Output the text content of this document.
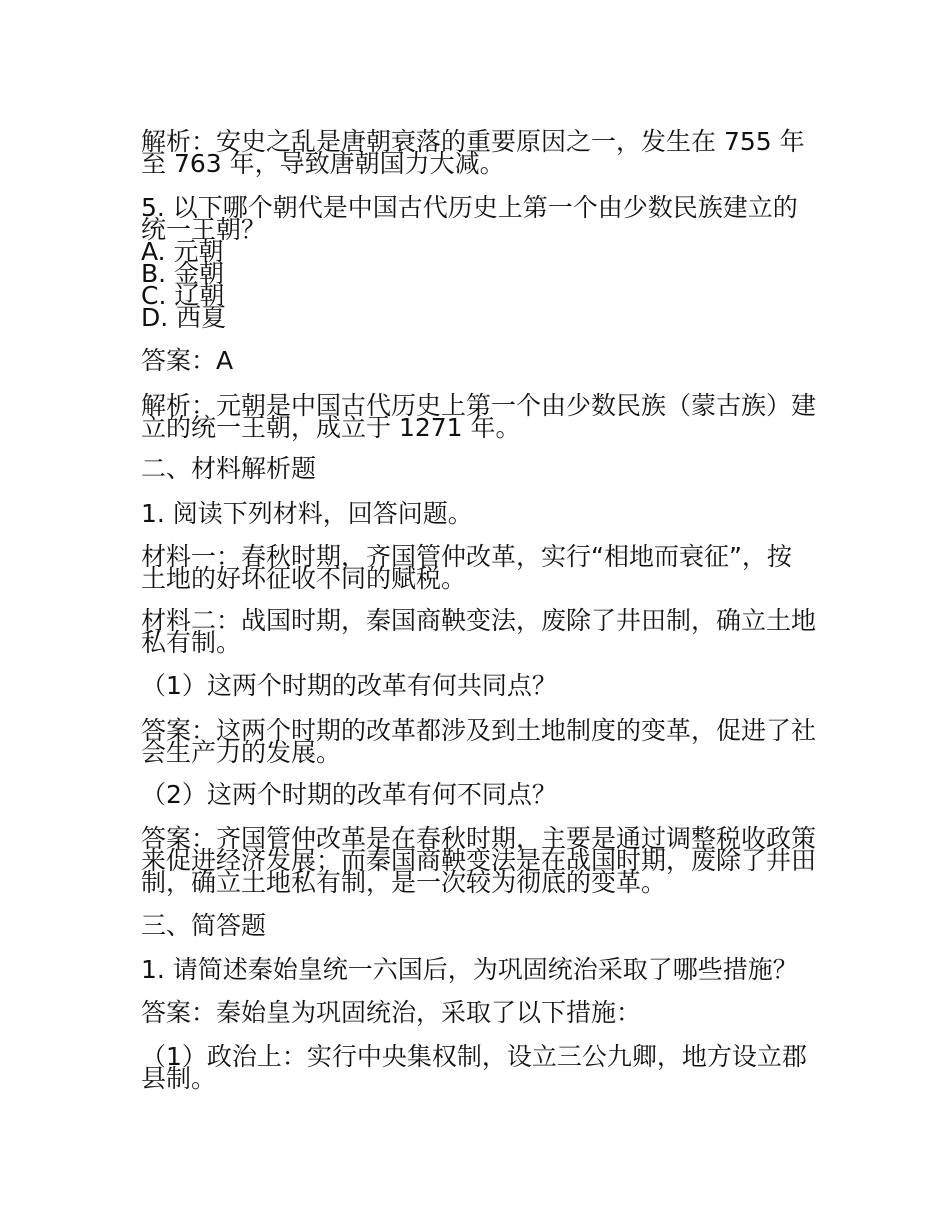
解析：安史之乱是唐朝衰落的重要原因之一，发生在 755 年
至 763 年，导致唐朝国力大减。
5. 以下哪个朝代是中国古代历史上第一个由少数民族建立的
统一王朝？
A. 元朝
B. 金朝
C. 辽朝
D. 西夏
答案：A
解析：元朝是中国古代历史上第一个由少数民族（蒙古族）建
立的统一王朝，成立于 1271 年。
二、材料解析题
1. 阅读下列材料，回答问题。
材料一：春秋时期，齐国管仲改革，实行“相地而衰征”，按
土地的好坏征收不同的赋税。
材料二：战国时期，秦国商鞅变法，废除了井田制，确立土地
私有制。
（1）这两个时期的改革有何共同点？
答案：这两个时期的改革都涉及到土地制度的变革，促进了社
会生产力的发展。
（2）这两个时期的改革有何不同点？
答案：齐国管仲改革是在春秋时期，主要是通过调整税收政策
来促进经济发展；而秦国商鞅变法是在战国时期，废除了井田
制，确立土地私有制，是一次较为彻底的变革。
三、简答题
1. 请简述秦始皇统一六国后，为巩固统治采取了哪些措施？
答案：秦始皇为巩固统治，采取了以下措施：
（1）政治上：实行中央集权制，设立三公九卿，地方设立郡
县制。
